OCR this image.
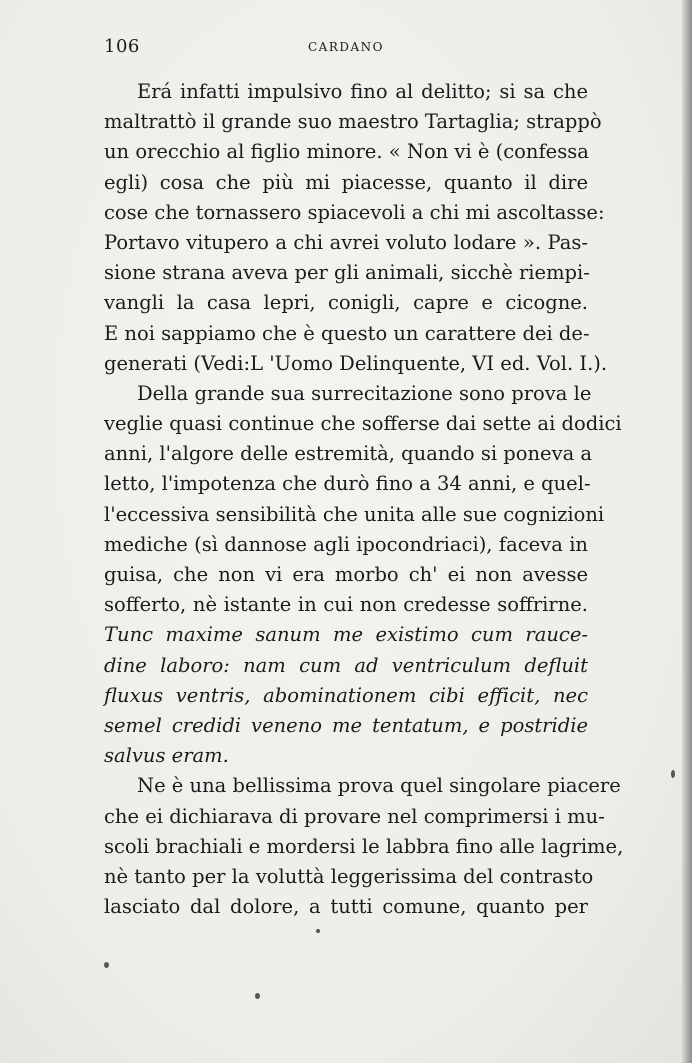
106	CARDANO
Erá infatti impulsivo fino al delitto; si sa che
maltrattò il grande suo maestro Tartaglia; strappò
un orecchio al figlio minore. « Non vi è (confessa
egli) cosa che più mi piacesse, quanto il dire
cose che tornassero spiacevoli a chi mi ascoltasse:
Portavo vitupero a chi avrei voluto lodare ». Pas-
sione strana aveva per gli animali, sicchè riempi-
vangli la casa lepri, conigli, capre e cicogne.
E noi sappiamo che è questo un carattere dei de-
generati (Vedi:L 'Uomo Delinquente, VI ed. Vol. I.).
Della grande sua surrecitazione sono prova le
veglie quasi continue che sofferse dai sette ai dodici
anni, l'algore delle estremità, quando si poneva a
letto, l'impotenza che durò fino a 34 anni, e quel-
l'eccessiva sensibilità che unita alle sue cognizioni
mediche (sì dannose agli ipocondriaci), faceva in
guisa, che non vi era morbo ch' ei non avesse
sofferto, nè istante in cui non credesse soffrirne.
Tunc maxime sanum me existimo cum rauce-
dine laboro: nam cum ad ventriculum defluit
fluxus ventris, abominationem cibi efficit, nec
semel credidi veneno me tentatum, e postridie
salvus eram.
Ne è una bellissima prova quel singolare piacere
che ei dichiarava di provare nel comprimersi i mu-
scoli brachiali e mordersi le labbra fino alle lagrime,
nè tanto per la voluttà leggerissima del contrasto
lasciato dal dolore, a tutti comune, quanto per
